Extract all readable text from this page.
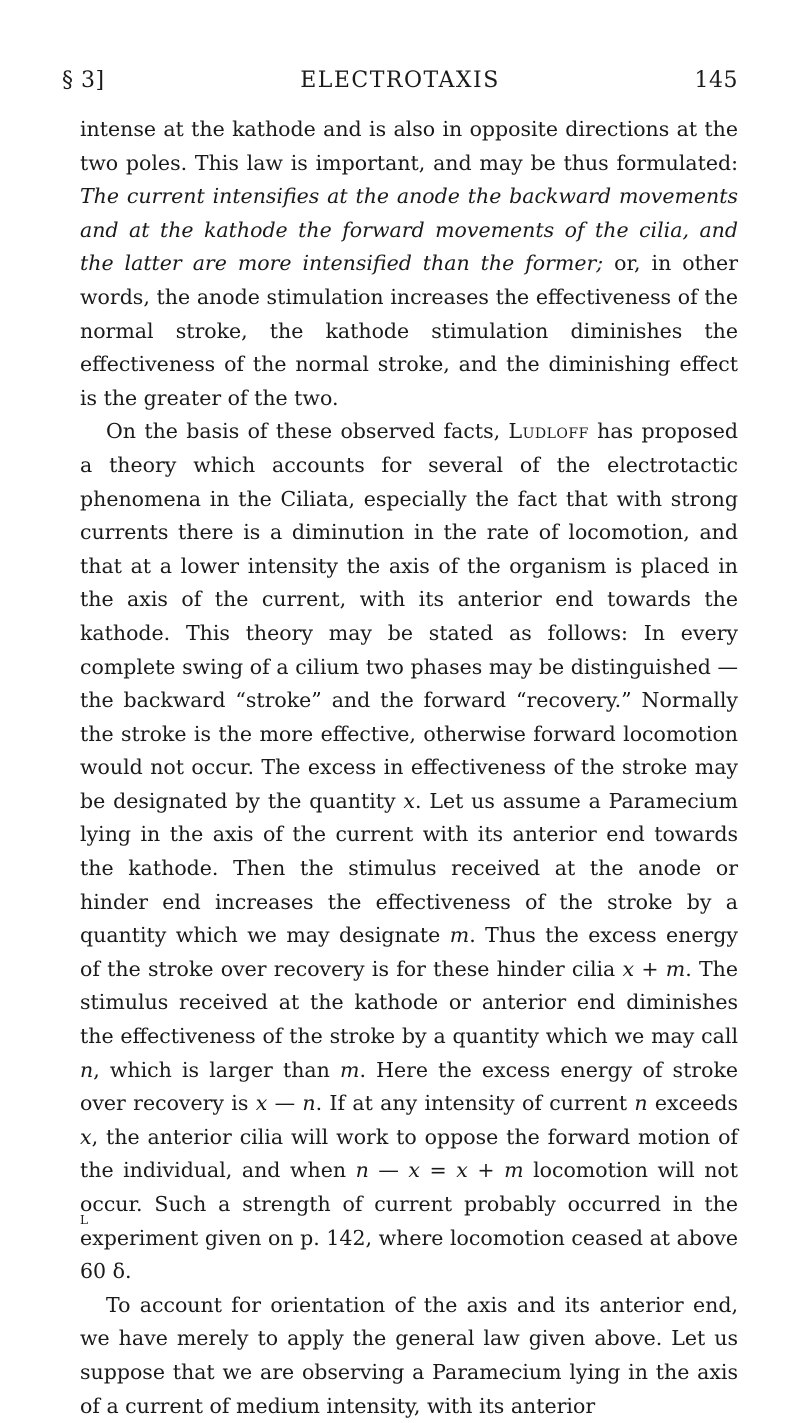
§ 3]	ELECTROTAXIS	145

intense at the kathode and is also in opposite directions at the two poles. This law is important, and may be thus formulated: The current intensifies at the anode the backward movements and at the kathode the forward movements of the cilia, and the latter are more intensified than the former; or, in other words, the anode stimulation increases the effectiveness of the normal stroke, the kathode stimulation diminishes the effectiveness of the normal stroke, and the diminishing effect is the greater of the two.

On the basis of these observed facts, Ludloff has proposed a theory which accounts for several of the electrotactic phenomena in the Ciliata, especially the fact that with strong currents there is a diminution in the rate of locomotion, and that at a lower intensity the axis of the organism is placed in the axis of the current, with its anterior end towards the kathode. This theory may be stated as follows: In every complete swing of a cilium two phases may be distinguished — the backward “stroke” and the forward “recovery.” Normally the stroke is the more effective, otherwise forward locomotion would not occur. The excess in effectiveness of the stroke may be designated by the quantity x. Let us assume a Paramecium lying in the axis of the current with its anterior end towards the kathode. Then the stimulus received at the anode or hinder end increases the effectiveness of the stroke by a quantity which we may designate m. Thus the excess energy of the stroke over recovery is for these hinder cilia x + m. The stimulus received at the kathode or anterior end diminishes the effectiveness of the stroke by a quantity which we may call n, which is larger than m. Here the excess energy of stroke over recovery is x — n. If at any intensity of current n exceeds x, the anterior cilia will work to oppose the forward motion of the individual, and when n — x = x + m locomotion will not occur. Such a strength of current probably occurred in the experiment given on p. 142, where locomotion ceased at above 60 δ.

To account for orientation of the axis and its anterior end, we have merely to apply the general law given above. Let us suppose that we are observing a Paramecium lying in the axis of a current of medium intensity, with its anterior

L
